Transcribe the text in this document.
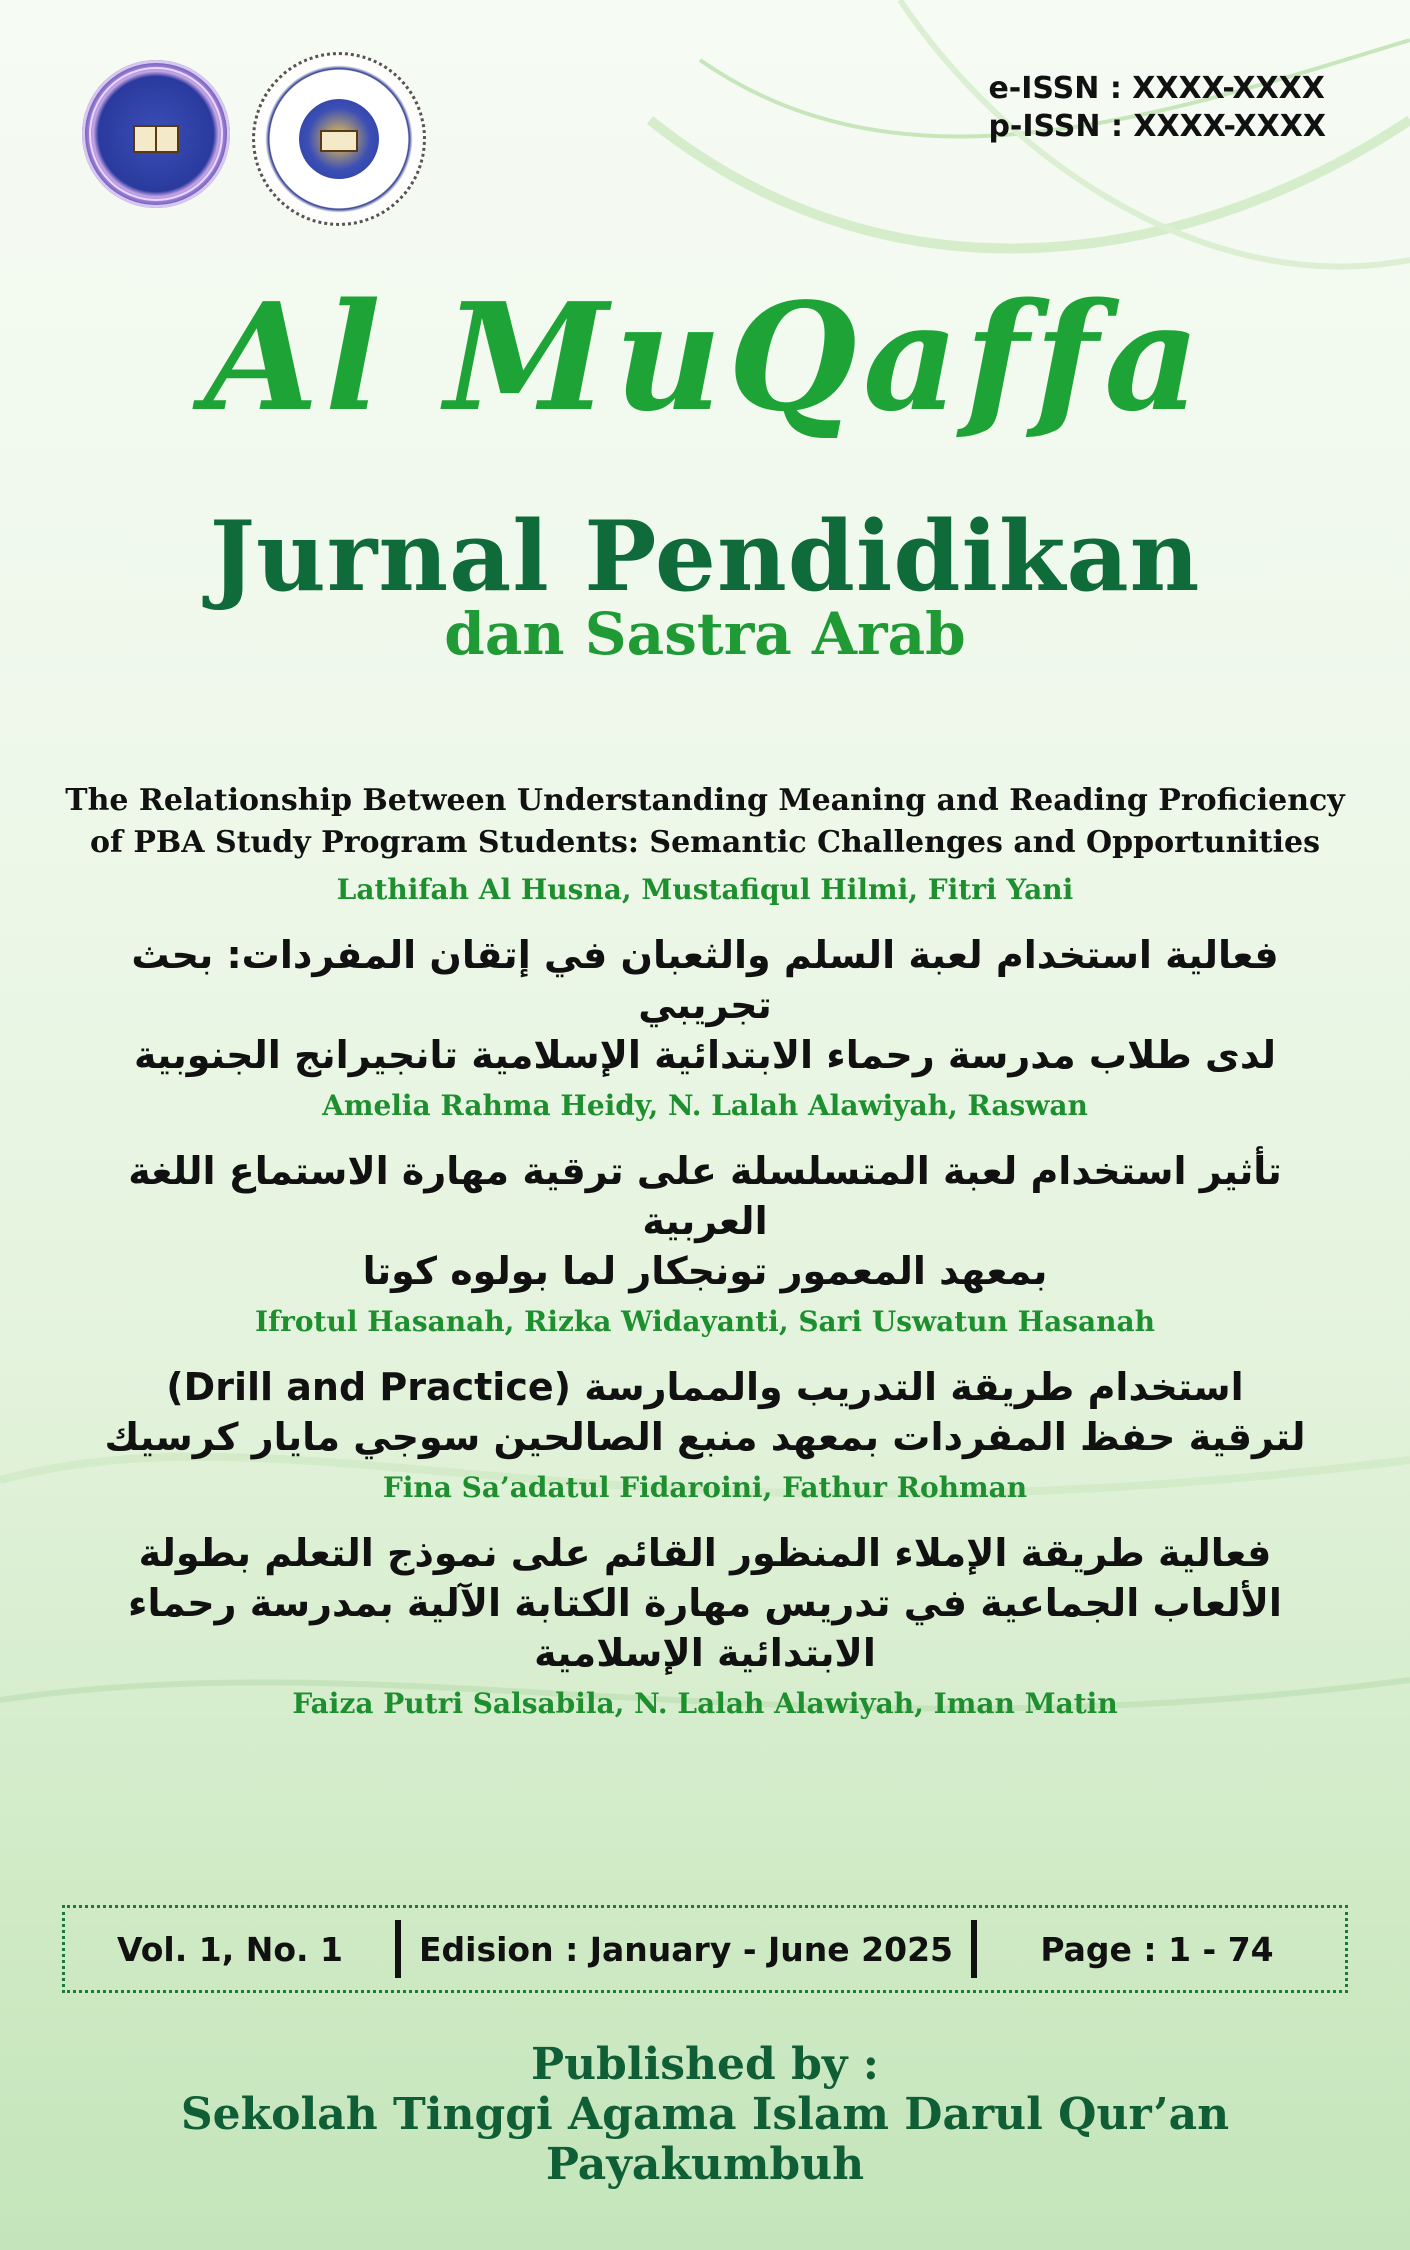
e-ISSN : XXXX-XXXX
p-ISSN : XXXX-XXXX
Al MuQaffa
Jurnal Pendidikan
dan Sastra Arab
The Relationship Between Understanding Meaning and Reading Proficiency
of PBA Study Program Students: Semantic Challenges and Opportunities
Lathifah Al Husna, Mustafiqul Hilmi, Fitri Yani
فعالية استخدام لعبة السلم والثعبان في إتقان المفردات: بحث تجريبي
لدى طلاب مدرسة رحماء الابتدائية الإسلامية تانجيرانج الجنوبية
Amelia Rahma Heidy, N. Lalah Alawiyah, Raswan
تأثير استخدام لعبة المتسلسلة على ترقية مهارة الاستماع اللغة العربية
بمعهد المعمور تونجكار لما بولوه كوتا
Ifrotul Hasanah, Rizka Widayanti, Sari Uswatun Hasanah
استخدام طريقة التدريب والممارسة (Drill and Practice)
لترقية حفظ المفردات بمعهد منبع الصالحين سوجي مايار كرسيك
Fina Sa’adatul Fidaroini, Fathur Rohman
فعالية طريقة الإملاء المنظور القائم على نموذج التعلم بطولة
الألعاب الجماعية في تدريس مهارة الكتابة الآلية بمدرسة رحماء
الابتدائية الإسلامية
Faiza Putri Salsabila, N. Lalah Alawiyah, Iman Matin
Vol. 1, No. 1	Edision : January - June 2025	Page : 1 - 74
Published by :
Sekolah Tinggi Agama Islam Darul Qur’an
Payakumbuh
